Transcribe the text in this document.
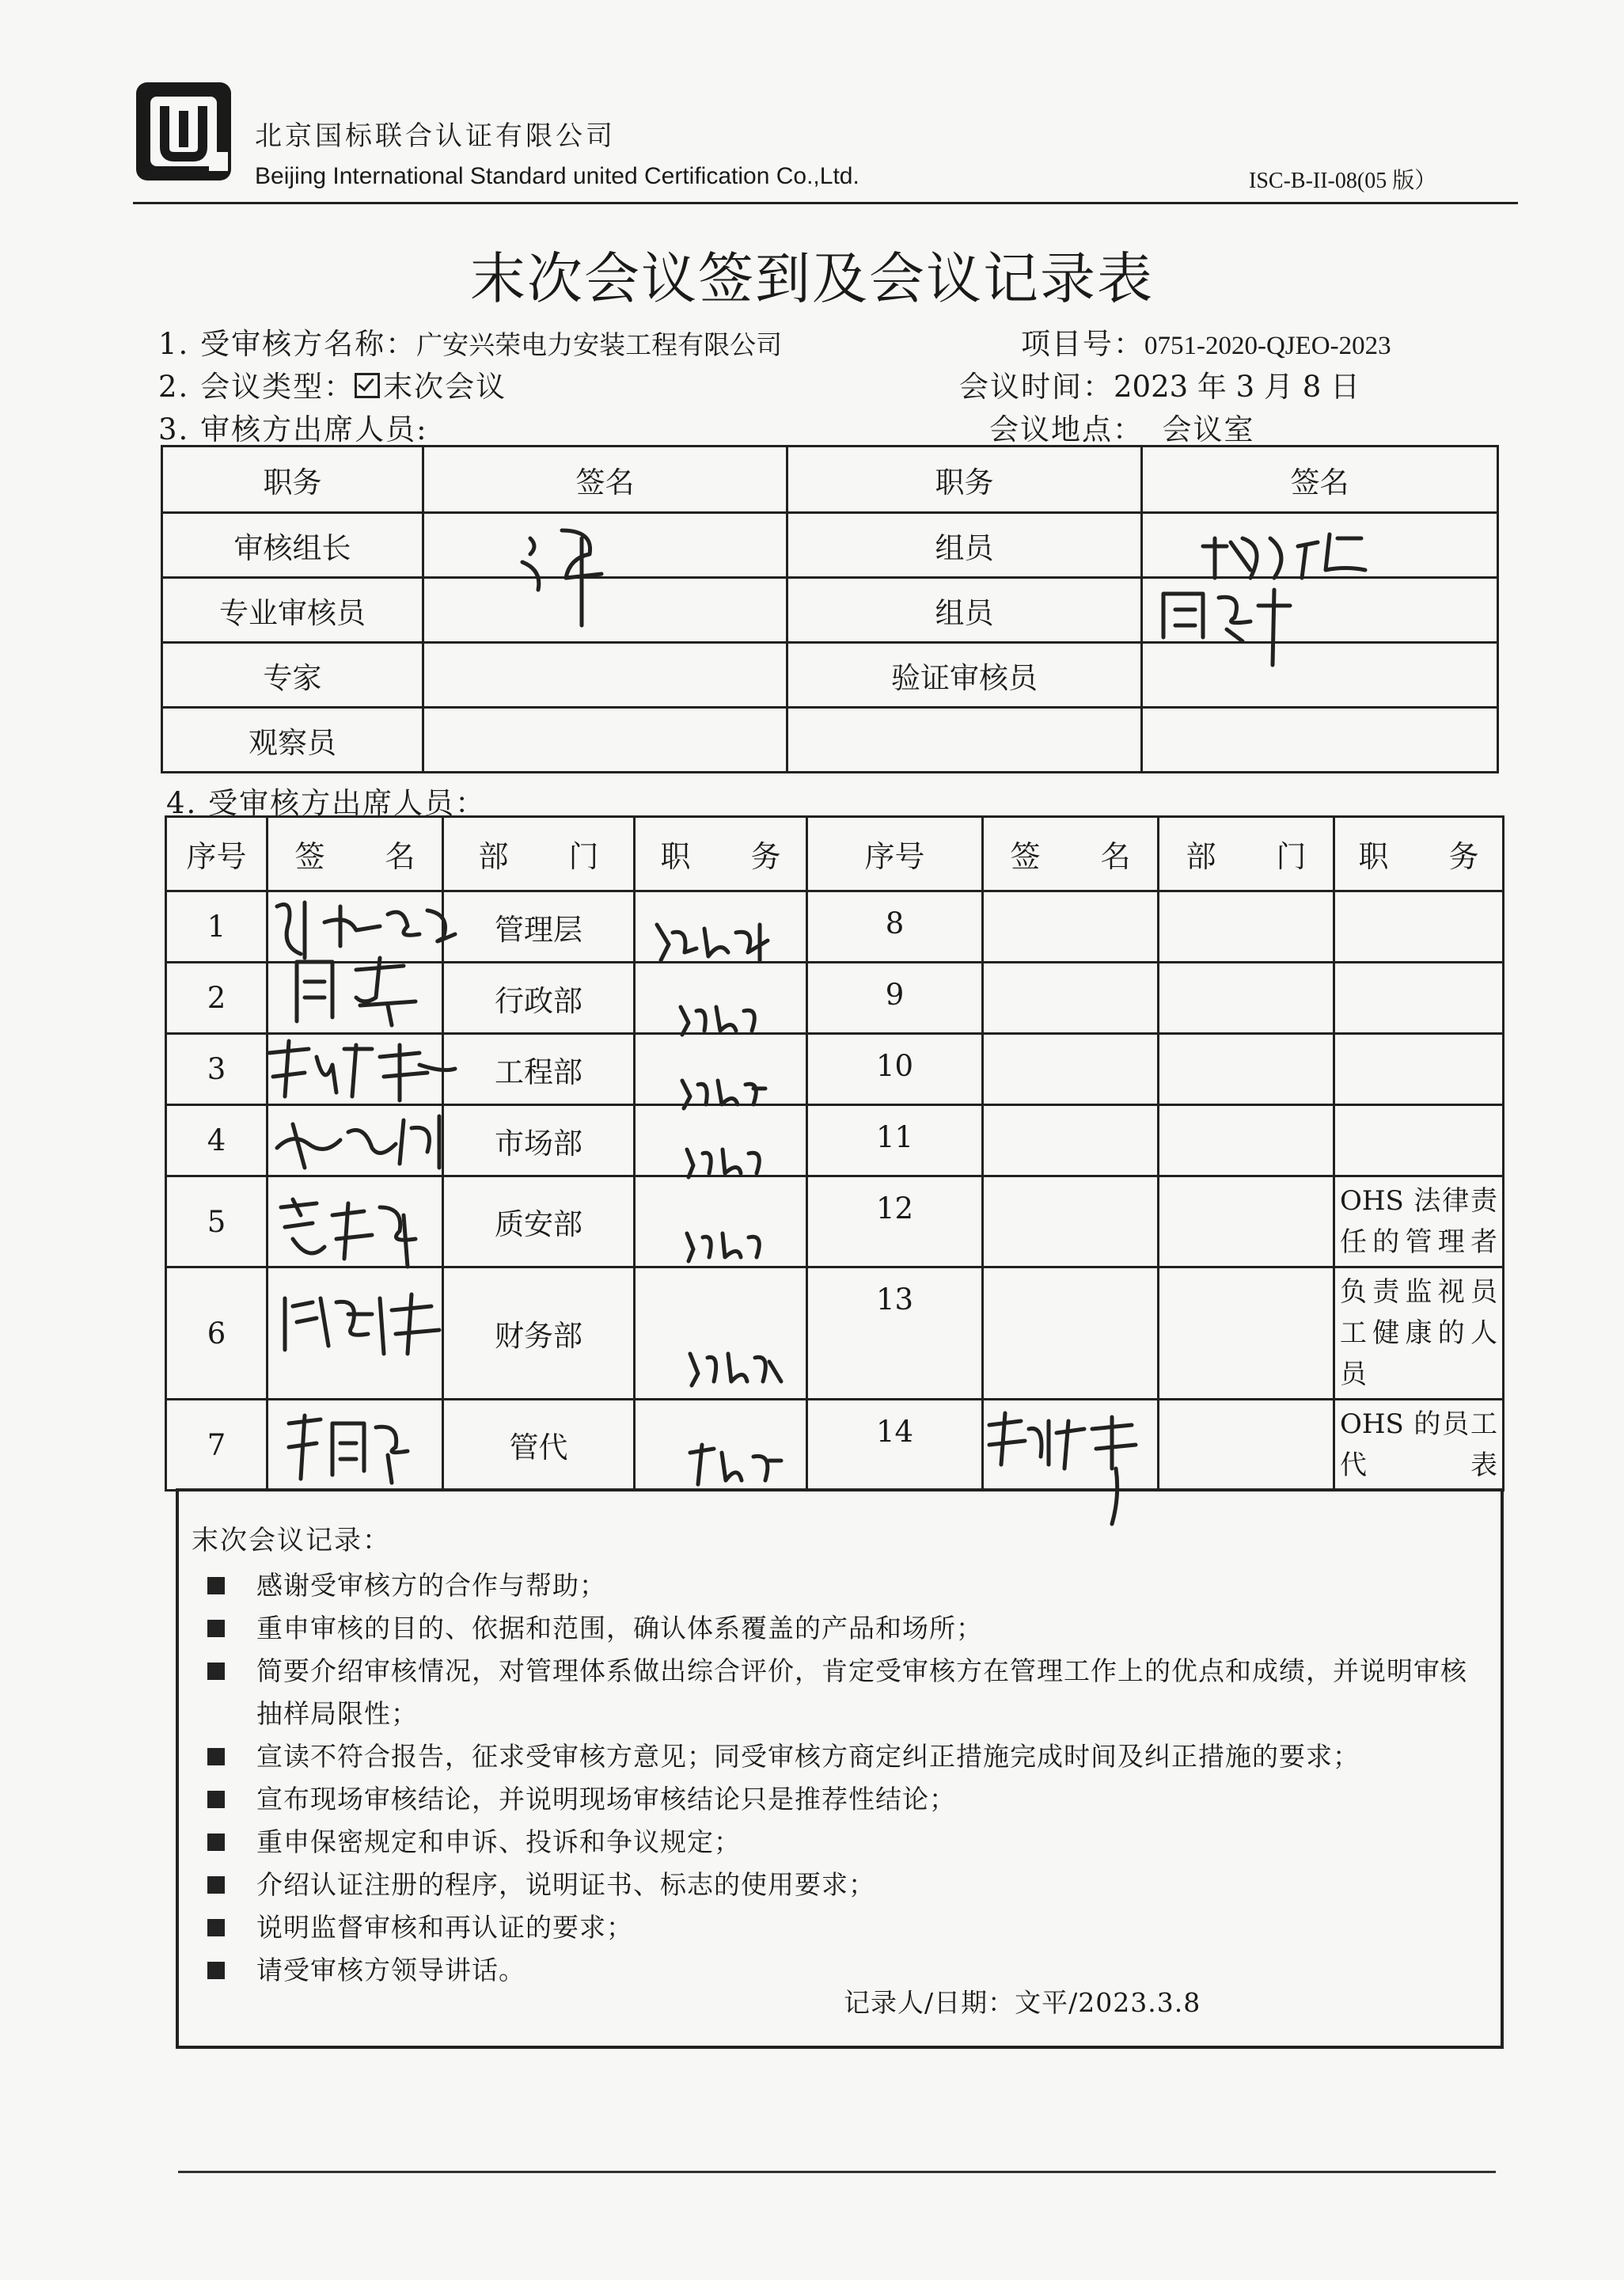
北京国标联合认证有限公司
Beijing International Standard united Certification Co.,Ltd.	ISC-B-II-08(05 版）
末次会议签到及会议记录表
1. 受审核方名称：广安兴荣电力安装工程有限公司	项目号：0751-2020-QJEO-2023
2. 会议类型： 末次会议	会议时间：2023 年 3 月 8 日
3. 审核方出席人员:	会议地点： 会议室
职务	签名	职务	签名
审核组长		组员	
专业审核员		组员	
专家		验证审核员	
观察员			
4. 受审核方出席人员：
序号	签　　名	部　　门	职　　务	序号	签　　名	部　　门	职　　务
1		管理层		8			
2		行政部		9			
3		工程部		10			
4		市场部		11			
5		质安部		12			OHS 法律责任的管理者
6		财务部		13			负责监视员工健康的人员
7		管代		14			OHS 的员工代表
末次会议记录：
感谢受审核方的合作与帮助；
重申审核的目的、依据和范围，确认体系覆盖的产品和场所；
简要介绍审核情况，对管理体系做出综合评价，肯定受审核方在管理工作上的优点和成绩，并说明审核抽样局限性；
宣读不符合报告，征求受审核方意见；同受审核方商定纠正措施完成时间及纠正措施的要求；
宣布现场审核结论，并说明现场审核结论只是推荐性结论；
重申保密规定和申诉、投诉和争议规定；
介绍认证注册的程序，说明证书、标志的使用要求；
说明监督审核和再认证的要求；
请受审核方领导讲话。
记录人/日期：文平/2023.3.8
